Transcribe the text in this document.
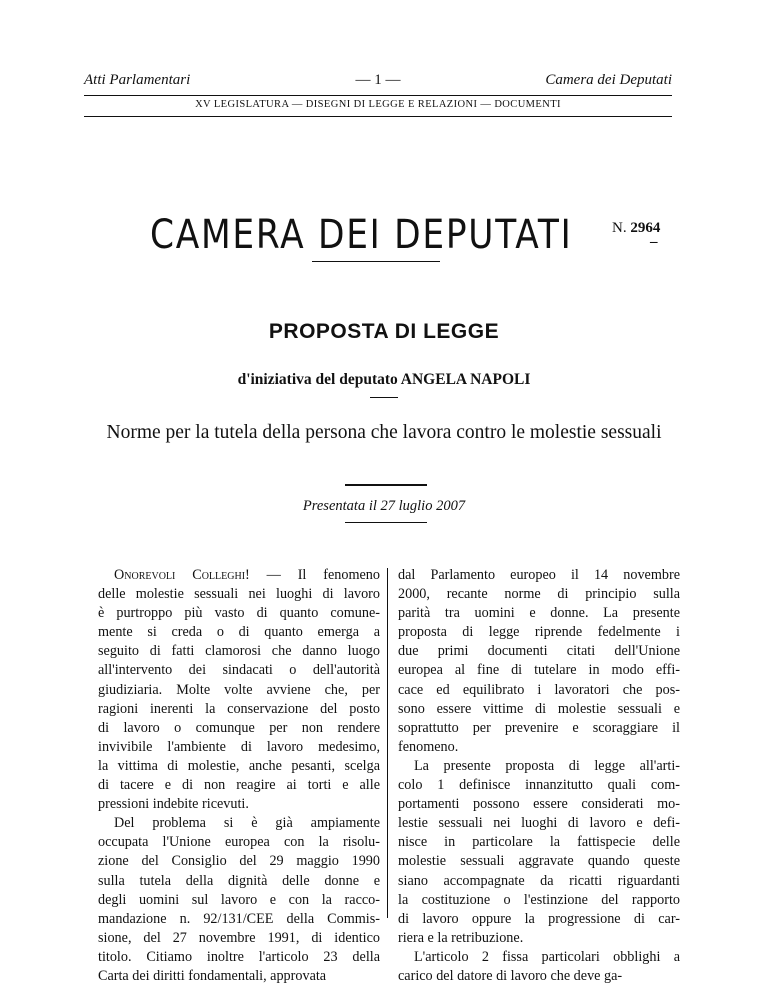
Atti Parlamentari	— 1 —	Camera dei Deputati
XV LEGISLATURA — DISEGNI DI LEGGE E RELAZIONI — DOCUMENTI
CAMERA DEI DEPUTATI	N. 2964
–
PROPOSTA DI LEGGE
d'iniziativa del deputato ANGELA NAPOLI
Norme per la tutela della persona che lavora contro le molestie sessuali
Presentata il 27 luglio 2007
Onorevoli Colleghi! — Il fenomeno
delle molestie sessuali nei luoghi di lavoro
è purtroppo più vasto di quanto comune-
mente si creda o di quanto emerga a
seguito di fatti clamorosi che danno luogo
all'intervento dei sindacati o dell'autorità
giudiziaria. Molte volte avviene che, per
ragioni inerenti la conservazione del posto
di lavoro o comunque per non rendere
invivibile l'ambiente di lavoro medesimo,
la vittima di molestie, anche pesanti, scelga
di tacere e di non reagire ai torti e alle
pressioni indebite ricevuti.
Del problema si è già ampiamente
occupata l'Unione europea con la risolu-
zione del Consiglio del 29 maggio 1990
sulla tutela della dignità delle donne e
degli uomini sul lavoro e con la racco-
mandazione n. 92/131/CEE della Commis-
sione, del 27 novembre 1991, di identico
titolo. Citiamo inoltre l'articolo 23 della
Carta dei diritti fondamentali, approvata
dal Parlamento europeo il 14 novembre
2000, recante norme di principio sulla
parità tra uomini e donne. La presente
proposta di legge riprende fedelmente i
due primi documenti citati dell'Unione
europea al fine di tutelare in modo effi-
cace ed equilibrato i lavoratori che pos-
sono essere vittime di molestie sessuali e
soprattutto per prevenire e scoraggiare il
fenomeno.
La presente proposta di legge all'arti-
colo 1 definisce innanzitutto quali com-
portamenti possono essere considerati mo-
lestie sessuali nei luoghi di lavoro e defi-
nisce in particolare la fattispecie delle
molestie sessuali aggravate quando queste
siano accompagnate da ricatti riguardanti
la costituzione o l'estinzione del rapporto
di lavoro oppure la progressione di car-
riera e la retribuzione.
L'articolo 2 fissa particolari obblighi a
carico del datore di lavoro che deve ga-
